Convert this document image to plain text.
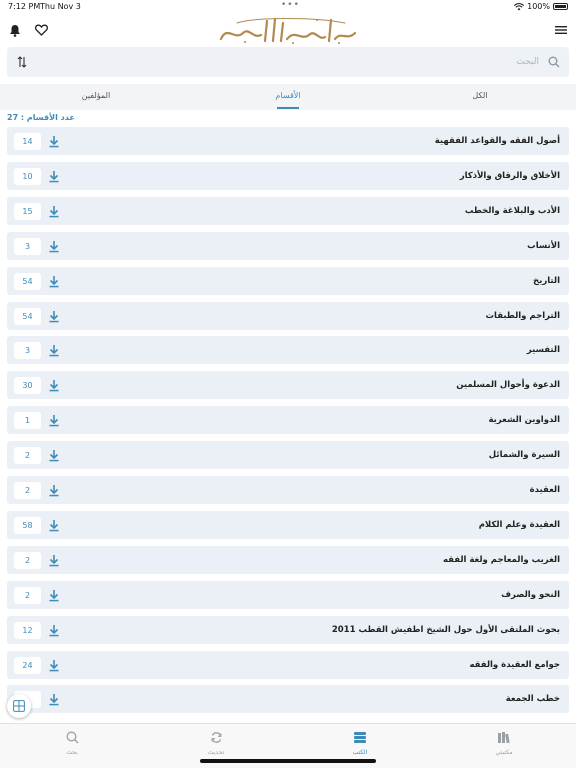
7:12 PM Thu Nov 3	•••	100%
البحث
الكل
الأقسام
المؤلفين
عدد الأقسام : 27
أصول الفقه والقواعد الفقهية
14
الأخلاق والرقاق والأذكار
10
الأدب والبلاغة والخطب
15
الأنساب
3
التاريخ
54
التراجم والطبقات
54
التفسير
3
الدعوة وأحوال المسلمين
30
الدواوين الشعرية
1
السيرة والشمائل
2
العقيدة
2
العقيدة وعلم الكلام
58
الغريب والمعاجم ولغة الفقه
2
النحو والصرف
2
بحوث الملتقى الأول حول الشيخ اطفيش القطب 2011
12
جوامع العقيدة والفقه
24
خطب الجمعة
مكتبتي
الكتب
تحديث
بحث
